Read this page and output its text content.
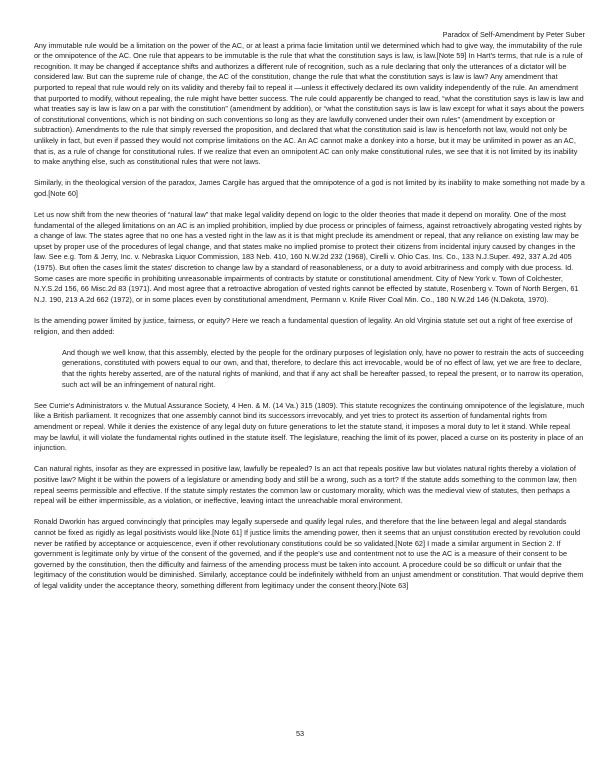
Paradox of Self-Amendment by Peter Suber

Any immutable rule would be a limitation on the power of the AC, or at least a prima facie limitation until we determined which had to give way, the immutability of the rule or the omnipotence of the AC. One rule that appears to be immutable is the rule that what the constitution says is law, is law.[Note 59] In Hart's terms, that rule is a rule of recognition. It may be changed if acceptance shifts and authorizes a different rule of recognition, such as a rule declaring that only the utterances of a dictator will be considered law. But can the supreme rule of change, the AC of the constitution, change the rule that what the constitution says is law is law? Any amendment that purported to repeal that rule would rely on its validity and thereby fail to repeal it —unless it effectively declared its own validity independently of the rule. An amendment that purported to modify, without repealing, the rule might have better success. The rule could apparently be changed to read, “what the constitution says is law is law and what treaties say is law is law on a par with the constitution” (amendment by addition), or “what the constitution says is law is law except for what it says about the powers of constitutional conventions, which is not binding on such conventions so long as they are lawfully convened under their own rules” (amendment by exception or subtraction). Amendments to the rule that simply reversed the proposition, and declared that what the constitution said is law is henceforth not law, would not only be unlikely in fact, but even if passed they would not comprise limitations on the AC. An AC cannot make a donkey into a horse, but it may be unlimited in power as an AC, that is, as a rule of change for constitutional rules. If we realize that even an omnipotent AC can only make constitutional rules, we see that it is not limited by its inability to make anything else, such as constitutional rules that were not laws.

Similarly, in the theological version of the paradox, James Cargile has argued that the omnipotence of a god is not limited by its inability to make something not made by a god.[Note 60]

Let us now shift from the new theories of “natural law” that make legal validity depend on logic to the older theories that made it depend on morality. One of the most fundamental of the alleged limitations on an AC is an implied prohibition, implied by due process or principles of fairness, against retroactively abrogating vested rights by a change of law. The states agree that no one has a vested right in the law as it is that might preclude its amendment or repeal, that any reliance on existing law may be upset by proper use of the procedures of legal change, and that states make no implied promise to protect their citizens from incidental injury caused by changes in the law. See e.g. Tom & Jerry, Inc. v. Nebraska Liquor Commission, 183 Neb. 410, 160 N.W.2d 232 (1968), Cirelli v. Ohio Cas. Ins. Co., 133 N.J.Super. 492, 337 A.2d 405 (1975). But often the cases limit the states' discretion to change law by a standard of reasonableness, or a duty to avoid arbitrariness and comply with due process. Id. Some cases are more specific in prohibiting unreasonable impairments of contracts by statute or constitutional amendment. City of New York v. Town of Colchester, N.Y.S.2d 156, 66 Misc.2d 83 (1971). And most agree that a retroactive abrogation of vested rights cannot be effected by statute, Rosenberg v. Town of North Bergen, 61 N.J. 190, 213 A.2d 662 (1972), or in some places even by constitutional amendment, Permann v. Knife River Coal Min. Co., 180 N.W.2d 146 (N.Dakota, 1970).

Is the amending power limited by justice, fairness, or equity? Here we reach a fundamental question of legality. An old Virginia statute set out a right of free exercise of religion, and then added:

And though we well know, that this assembly, elected by the people for the ordinary purposes of legislation only, have no power to restrain the acts of succeeding generations, constituted with powers equal to our own, and that, therefore, to declare this act irrevocable, would be of no effect of law, yet we are free to declare, that the rights hereby asserted, are of the natural rights of mankind, and that if any act shall be hereafter passed, to repeal the present, or to narrow its operation, such act will be an infringement of natural right.

See Currie's Administrators v. the Mutual Assurance Society, 4 Hen. & M. (14 Va.) 315 (1809). This statute recognizes the continuing omnipotence of the legislature, much like a British parliament. It recognizes that one assembly cannot bind its successors irrevocably, and yet tries to protect its assertion of fundamental rights from amendment or repeal. While it denies the existence of any legal duty on future generations to let the statute stand, it imposes a moral duty to let it stand. While repeal may be lawful, it will violate the fundamental rights outlined in the statute itself. The legislature, reaching the limit of its power, placed a curse on its posterity in place of an injunction.

Can natural rights, insofar as they are expressed in positive law, lawfully be repealed? Is an act that repeals positive law but violates natural rights thereby a violation of positive law? Might it be within the powers of a legislature or amending body and still be a wrong, such as a tort? If the statute adds something to the common law, then repeal seems permissible and effective. If the statute simply restates the common law or customary morality, which was the medieval view of statutes, then perhaps a repeal will be either impermissible, as a violation, or ineffective, leaving intact the unreachable moral environment.

Ronald Dworkin has argued convincingly that principles may legally supersede and qualify legal rules, and therefore that the line between legal and alegal standards cannot be fixed as rigidly as legal positivists would like.[Note 61] If justice limits the amending power, then it seems that an unjust constitution erected by revolution could never be ratified by acceptance or acquiescence, even if other revolutionary constitutions could be so validated.[Note 62] I made a similar argument in Section 2. If government is legitimate only by virtue of the consent of the governed, and if the people's use and contentment not to use the AC is a measure of their consent to be governed by the constitution, then the difficulty and fairness of the amending process must be taken into account. A procedure could be so difficult or unfair that the legitimacy of the constitution would be diminished. Similarly, acceptance could be indefinitely withheld from an unjust amendment or constitution. That would deprive them of legal validity under the acceptance theory, something different from legitimacy under the consent theory.[Note 63]

53
